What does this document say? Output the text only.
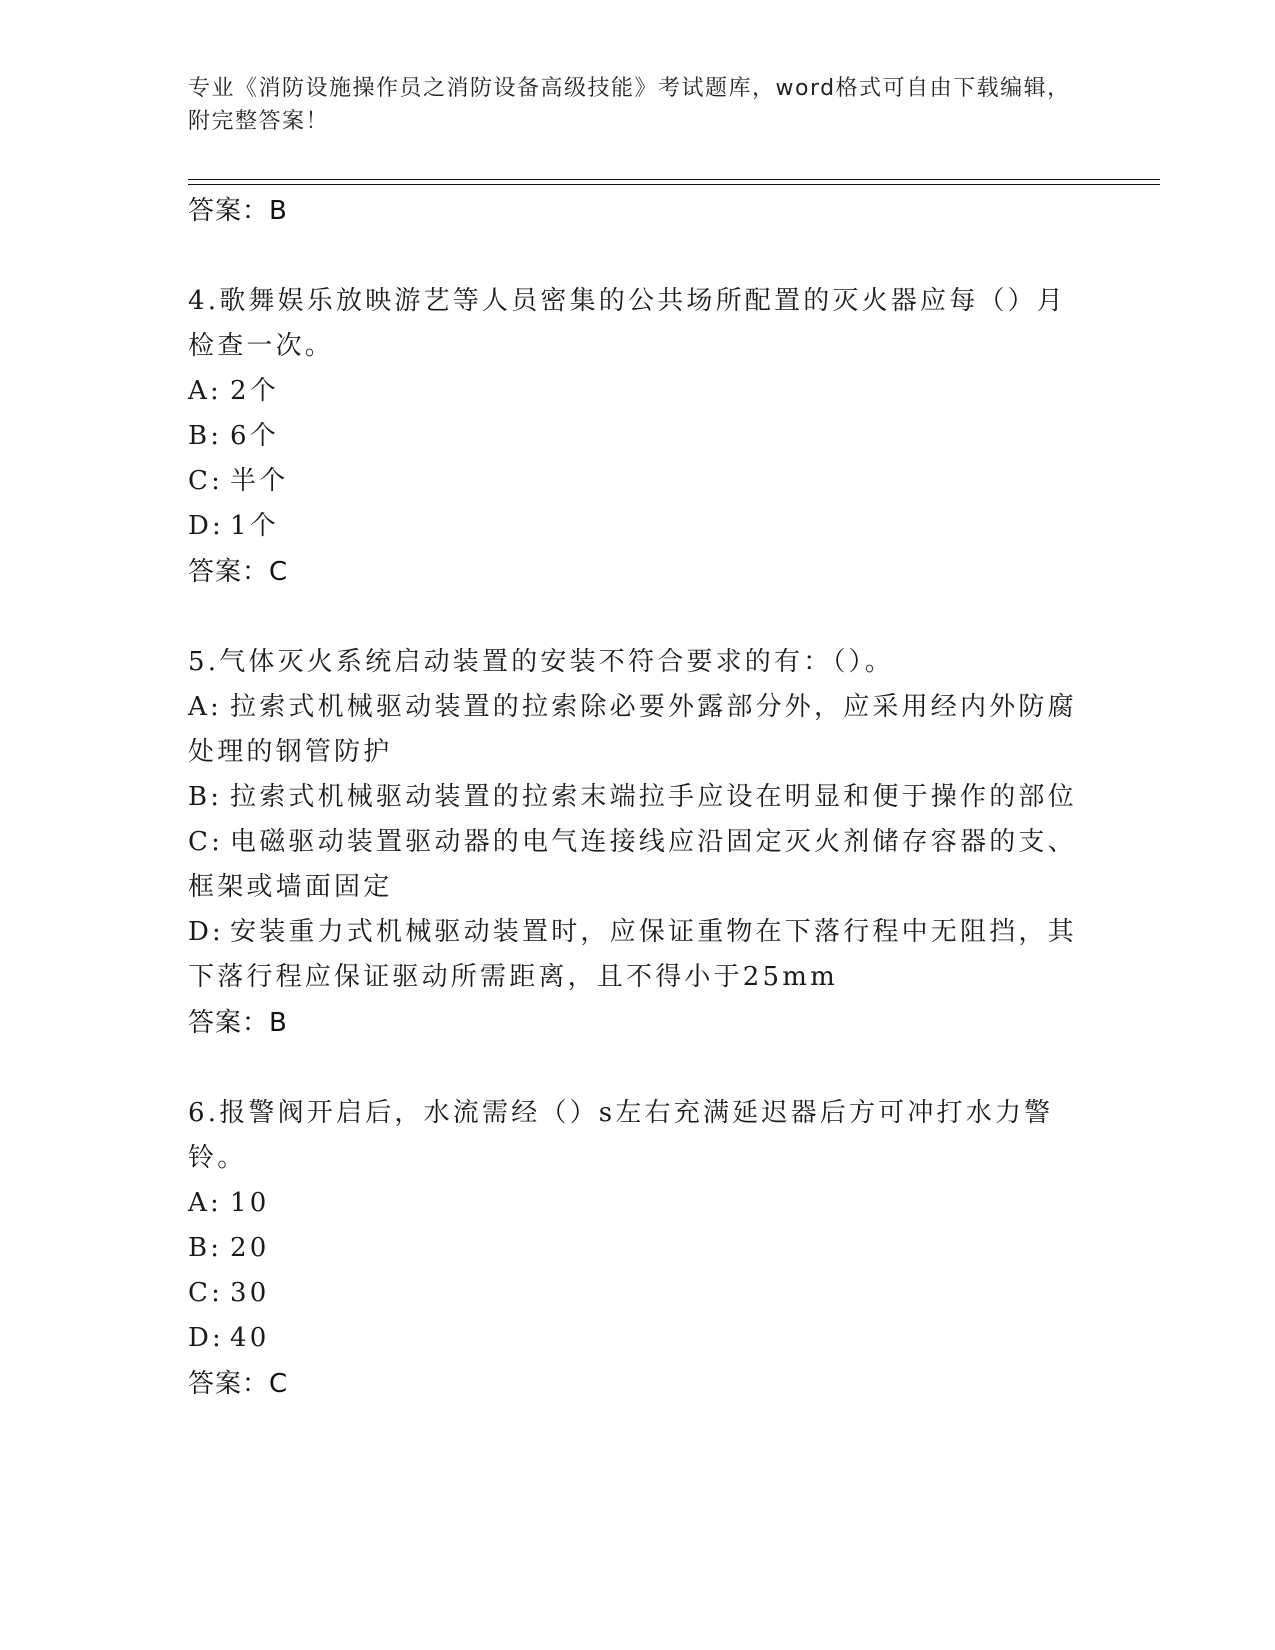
专业《消防设施操作员之消防设备高级技能》考试题库，word格式可自由下载编辑，附完整答案！
答案：B
4.歌舞娱乐放映游艺等人员密集的公共场所配置的灭火器应每（）月检查一次。
A: 2个
B: 6个
C: 半个
D: 1个
答案：C
5.气体灭火系统启动装置的安装不符合要求的有：（）。
A: 拉索式机械驱动装置的拉索除必要外露部分外，应采用经内外防腐处理的钢管防护
B: 拉索式机械驱动装置的拉索末端拉手应设在明显和便于操作的部位
C: 电磁驱动装置驱动器的电气连接线应沿固定灭火剂储存容器的支、框架或墙面固定
D: 安装重力式机械驱动装置时，应保证重物在下落行程中无阻挡，其下落行程应保证驱动所需距离，且不得小于25mm
答案：B
6.报警阀开启后，水流需经（）s左右充满延迟器后方可冲打水力警铃。
A: 10
B: 20
C: 30
D: 40
答案：C
